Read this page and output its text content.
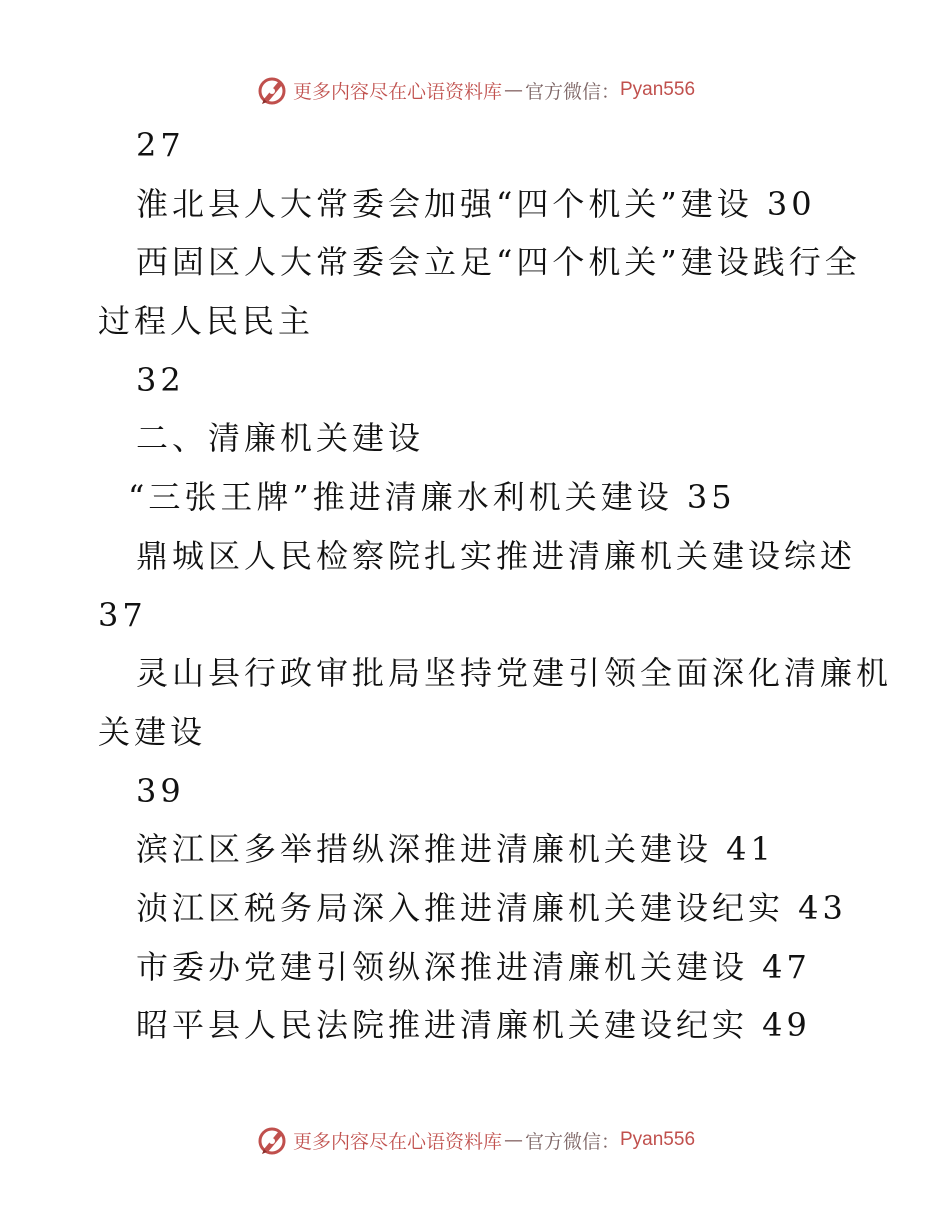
更多内容尽在心语资料库 — 官方微信： Pyan556
27
淮北县人大常委会加强“四个机关”建设 30
西固区人大常委会立足“四个机关”建设践行全
过程人民民主
32
二、清廉机关建设
“三张王牌”推进清廉水利机关建设 35
鼎城区人民检察院扎实推进清廉机关建设综述
37
灵山县行政审批局坚持党建引领全面深化清廉机
关建设
39
滨江区多举措纵深推进清廉机关建设 41
浈江区税务局深入推进清廉机关建设纪实 43
市委办党建引领纵深推进清廉机关建设 47
昭平县人民法院推进清廉机关建设纪实 49
更多内容尽在心语资料库 — 官方微信： Pyan556
